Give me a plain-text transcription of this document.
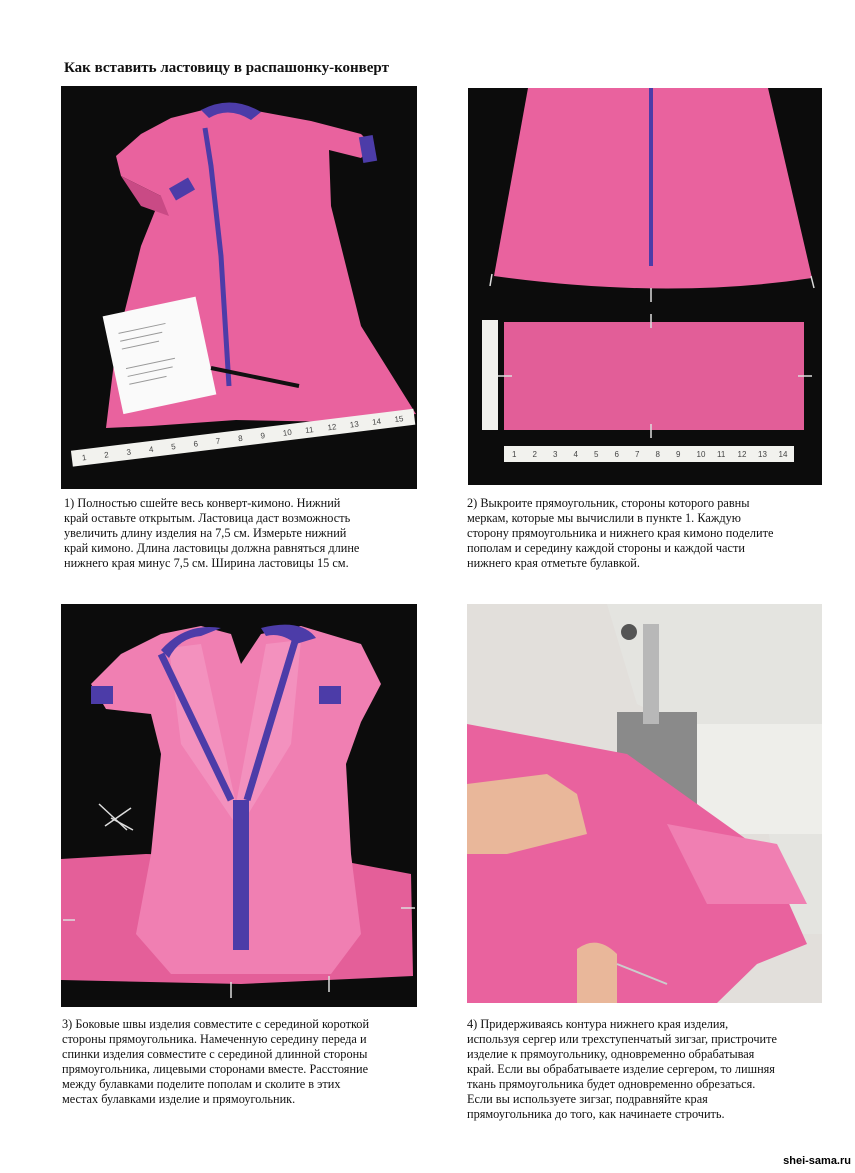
Как вставить ластовицу в распашонку-конверт
1 2 3 4 5 6 7 8 9 10 11 12 13 14 15
1 2 3 4 5 6 7 8 9 10 11 12 13 14

1) Полностью сшейте весь конверт-кимоно. Нижний

край оставьте открытым. Ластовица даст возможность

увеличить длину изделия на 7,5 см. Измерьте нижний

край кимоно. Длина ластовицы должна равняться длине

нижнего края минус 7,5 см. Ширина ластовицы 15 см.

2) Выкроите прямоугольник, стороны которого равны

меркам, которые мы вычислили в пункте 1. Каждую

сторону прямоугольника и нижнего края кимоно поделите

пополам и середину каждой стороны и каждой части

нижнего края отметьте булавкой.

3) Боковые швы изделия совместите с серединой короткой

стороны прямоугольника. Намеченную середину переда и

спинки изделия совместите с серединой длинной стороны

прямоугольника, лицевыми сторонами вместе. Расстояние

между булавками поделите пополам и сколите в этих

местах булавками изделие и прямоугольник.

4) Придерживаясь контура нижнего края изделия,

используя сергер или трехступенчатый зигзаг, пристрочите

изделие к прямоугольнику, одновременно обрабатывая

край. Если вы обрабатываете изделие сергером, то лишняя

ткань прямоугольника будет одновременно обрезаться.

Если вы используете зигзаг, подравняйте края

прямоугольника до того, как начинаете строчить.

shei-sama.ru
